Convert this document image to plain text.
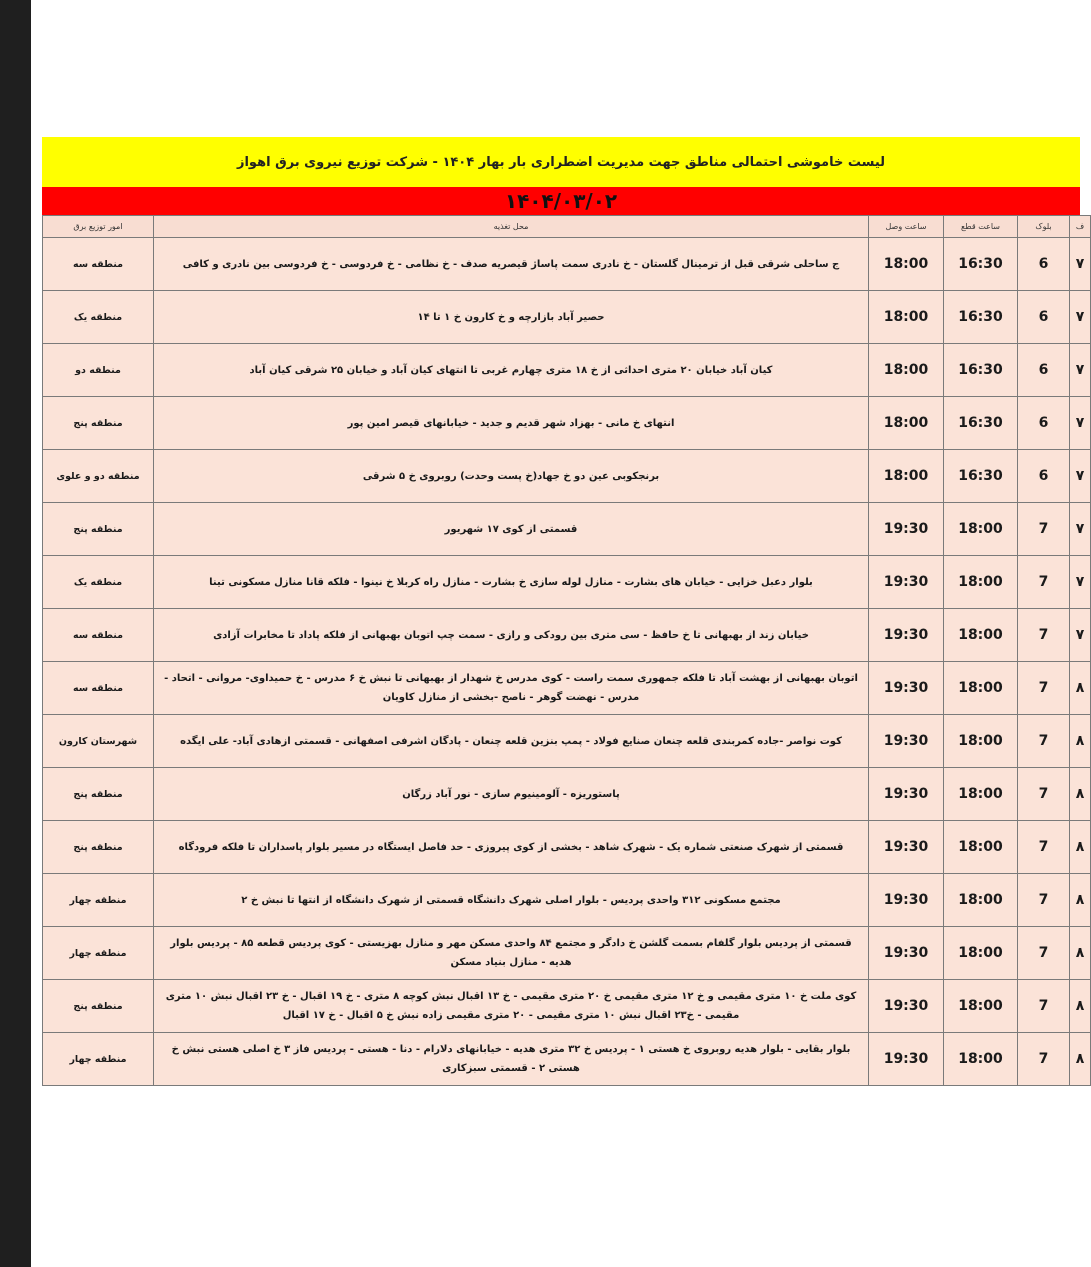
لیست خاموشی احتمالی مناطق جهت مدیریت اضطراری بار بهار ۱۴۰۴ - شرکت توزیع نیروی برق اهواز
۱۴۰۴/۰۳/۰۲
امور توزیع برق	محل تغذیه	ساعت وصل	ساعت قطع	بلوک	ف
منطقه سه	ج ساحلی شرقی قبل از ترمینال گلستان - خ نادری سمت پاساژ قیصریه صدف - خ نظامی - خ فردوسی - خ فردوسی بین نادری و کافی	18:00	16:30	6	۷
منطقه یک	حصیر آباد بازارچه و خ کارون خ ۱ تا ۱۴	18:00	16:30	6	۷
منطقه دو	کیان آباد خیابان ۲۰ متری احداثی از خ ۱۸ متری چهارم غربی تا انتهای کیان آباد و خیابان ۲۵ شرقی کیان آباد	18:00	16:30	6	۷
منطقه پنج	انتهای خ مانی - بهزاد شهر قدیم و جدید - خیابانهای قیصر امین پور	18:00	16:30	6	۷
منطقه دو و علوی	برنجکوبی عین دو خ جهاد(خ پست وحدت) روبروی خ ۵ شرقی	18:00	16:30	6	۷
منطقه پنج	قسمتی از کوی ۱۷ شهریور	19:30	18:00	7	۷
منطقه یک	بلوار دعبل خزایی - خیابان های بشارت - منازل لوله سازی خ بشارت - منازل راه کربلا خ نینوا - فلکه قانا منازل مسکونی تینا	19:30	18:00	7	۷
منطقه سه	خیابان زند از بهبهانی تا خ حافظ - سی متری بین رودکی و رازی - سمت چپ اتوبان بهبهانی از فلکه پاداد تا مخابرات آزادی	19:30	18:00	7	۷
منطقه سه	اتوبان بهبهانی از بهشت آباد تا فلکه جمهوری سمت راست - کوی مدرس خ شهدار از بهبهانی تا نبش خ ۶ مدرس - خ حمیداوی- مروانی - اتحاد - مدرس - نهضت گوهر - ناصح -بخشی از منازل کاویان	19:30	18:00	7	۸
شهرستان کارون	کوت نواصر -جاده کمربندی قلعه چنعان صنایع فولاد - پمپ بنزین قلعه چنعان - پادگان اشرفی اصفهانی - قسمتی ازهادی آباد- علی ایگده	19:30	18:00	7	۸
منطقه پنج	پاستوریزه - آلومینیوم سازی - نور آباد زرگان	19:30	18:00	7	۸
منطقه پنج	قسمتی از شهرک صنعتی شماره یک - شهرک شاهد - بخشی از کوی پیروزی - حد فاصل ایستگاه در مسیر بلوار پاسداران تا فلکه فرودگاه	19:30	18:00	7	۸
منطقه چهار	مجتمع مسکونی ۳۱۲ واحدی پردیس - بلوار اصلی شهرک دانشگاه قسمتی از شهرک دانشگاه از انتها تا نبش خ ۲	19:30	18:00	7	۸
منطقه چهار	قسمتی از پردیس بلوار گلفام بسمت گلشن خ دادگر و مجتمع ۸۴ واحدی مسکن مهر و منازل بهزیستی - کوی پردیس قطعه ۸۵ - پردیس بلوار هدیه - منازل بنیاد مسکن	19:30	18:00	7	۸
منطقه پنج	کوی ملت خ ۱۰ متری مقیمی و خ ۱۲ متری مقیمی خ ۲۰ متری مقیمی - خ ۱۳ اقبال نبش کوچه ۸ متری - خ ۱۹ اقبال - خ ۲۳ اقبال نبش ۱۰ متری مقیمی - خ۲۳ اقبال نبش ۱۰ متری مقیمی - ۲۰ متری مقیمی زاده نبش خ ۵ اقبال - خ ۱۷ اقبال	19:30	18:00	7	۸
منطقه چهار	بلوار بقایی - بلوار هدیه روبروی خ هستی ۱ - پردیس خ ۳۲ متری هدیه - خیابانهای دلارام - دنا - هستی - پردیس فاز ۳ خ اصلی هستی نبش خ هستی ۲ - قسمتی سبزکاری	19:30	18:00	7	۸
